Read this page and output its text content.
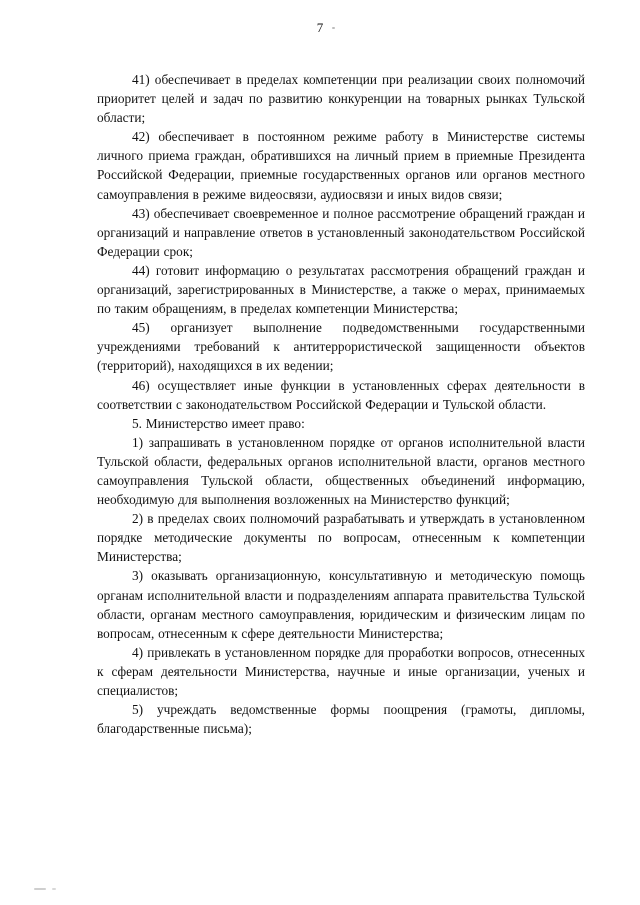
7

41) обеспечивает в пределах компетенции при реализации своих полномочий приоритет целей и задач по развитию конкуренции на товарных рынках Тульской области;

42) обеспечивает в постоянном режиме работу в Министерстве системы личного приема граждан, обратившихся на личный прием в приемные Президента Российской Федерации, приемные государственных органов или органов местного самоуправления в режиме видеосвязи, аудиосвязи и иных видов связи;

43) обеспечивает своевременное и полное рассмотрение обращений граждан и организаций и направление ответов в установленный законодательством Российской Федерации срок;

44) готовит информацию о результатах рассмотрения обращений граждан и организаций, зарегистрированных в Министерстве, а также о мерах, принимаемых по таким обращениям, в пределах компетенции Министерства;

45) организует выполнение подведомственными государственными учреждениями требований к антитеррористической защищенности объектов (территорий), находящихся в их ведении;

46) осуществляет иные функции в установленных сферах деятельности в соответствии с законодательством Российской Федерации и Тульской области.

5. Министерство имеет право:

1) запрашивать в установленном порядке от органов исполнительной власти Тульской области, федеральных органов исполнительной власти, органов местного самоуправления Тульской области, общественных объединений информацию, необходимую для выполнения возложенных на Министерство функций;

2) в пределах своих полномочий разрабатывать и утверждать в установленном порядке методические документы по вопросам, отнесенным к компетенции Министерства;

3) оказывать организационную, консультативную и методическую помощь органам исполнительной власти и подразделениям аппарата правительства Тульской области, органам местного самоуправления, юридическим и физическим лицам по вопросам, отнесенным к сфере деятельности Министерства;

4) привлекать в установленном порядке для проработки вопросов, отнесенных к сферам деятельности Министерства, научные и иные организации, ученых и специалистов;

5) учреждать ведомственные формы поощрения (грамоты, дипломы, благодарственные письма);
